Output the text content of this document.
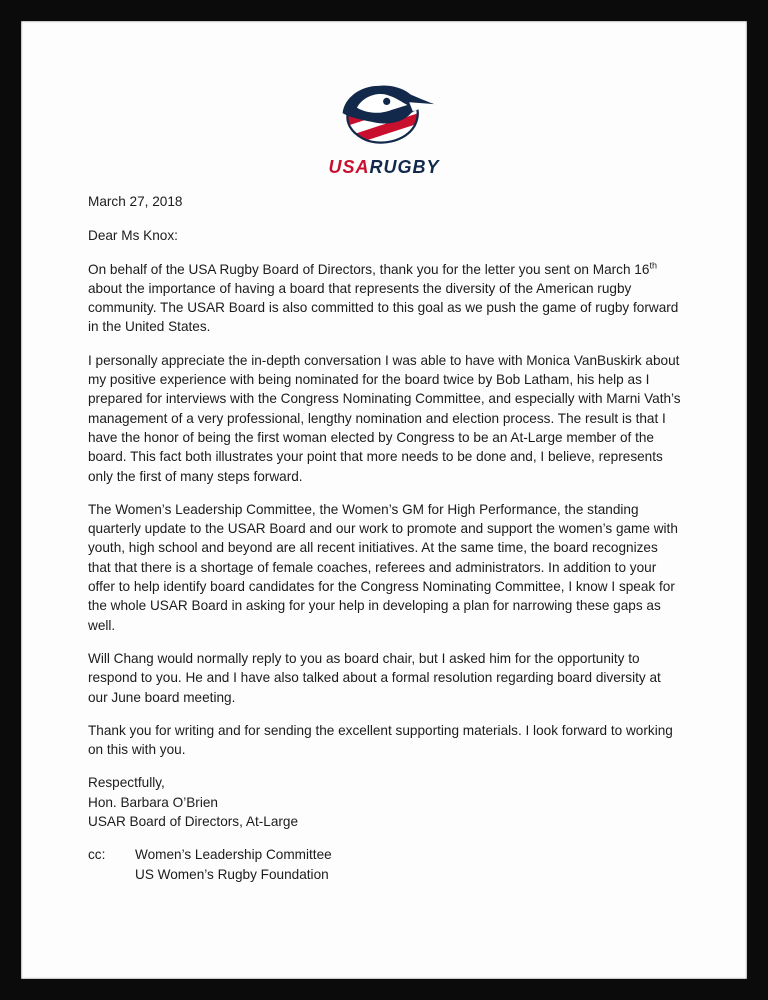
USARUGBY

March 27, 2018

Dear Ms Knox:

On behalf of the USA Rugby Board of Directors, thank you for the letter you sent on March 16th about the importance of having a board that represents the diversity of the American rugby community. The USAR Board is also committed to this goal as we push the game of rugby forward in the United States.

I personally appreciate the in-depth conversation I was able to have with Monica VanBuskirk about my positive experience with being nominated for the board twice by Bob Latham, his help as I prepared for interviews with the Congress Nominating Committee, and especially with Marni Vath’s management of a very professional, lengthy nomination and election process. The result is that I have the honor of being the first woman elected by Congress to be an At-Large member of the board. This fact both illustrates your point that more needs to be done and, I believe, represents only the first of many steps forward.

The Women’s Leadership Committee, the Women’s GM for High Performance, the standing quarterly update to the USAR Board and our work to promote and support the women’s game with youth, high school and beyond are all recent initiatives. At the same time, the board recognizes that that there is a shortage of female coaches, referees and administrators. In addition to your offer to help identify board candidates for the Congress Nominating Committee, I know I speak for the whole USAR Board in asking for your help in developing a plan for narrowing these gaps as well.

Will Chang would normally reply to you as board chair, but I asked him for the opportunity to respond to you. He and I have also talked about a formal resolution regarding board diversity at our June board meeting.

Thank you for writing and for sending the excellent supporting materials. I look forward to working on this with you.

Respectfully,
Hon. Barbara O’Brien
USAR Board of Directors, At-Large
cc:	Women’s Leadership Committee
US Women’s Rugby Foundation
